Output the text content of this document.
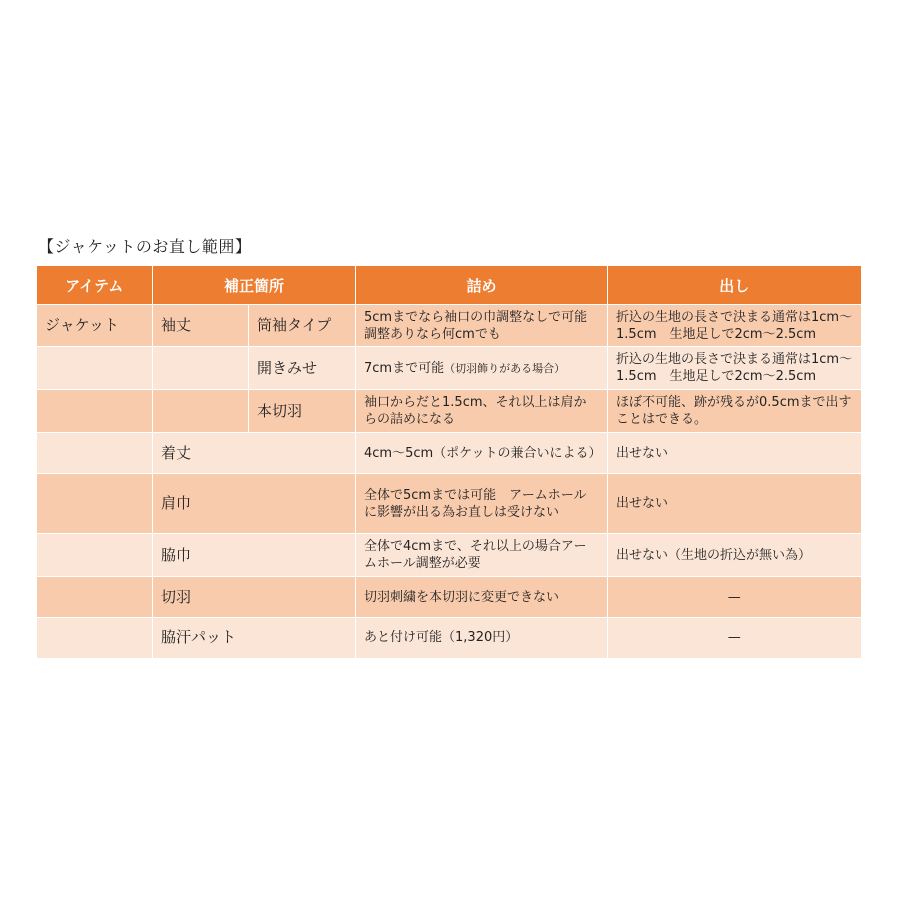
【ジャケットのお直し範囲】
アイテム	補正箇所		詰め	出し
ジャケット	袖丈	筒袖タイプ	5cmまでなら袖口の巾調整なしで可能　調整ありなら何cmでも	折込の生地の長さで決まる通常は1cm〜1.5cm　生地足しで2cm〜2.5cm
		開きみせ	7cmまで可能（切羽飾りがある場合）	折込の生地の長さで決まる通常は1cm〜1.5cm　生地足しで2cm〜2.5cm
		本切羽	袖口からだと1.5cm、それ以上は肩からの詰めになる	ほぼ不可能、跡が残るが0.5cmまで出すことはできる。
	着丈		4cm〜5cm（ポケットの兼合いによる）	出せない
	肩巾		全体で5cmまでは可能　アームホールに影響が出る為お直しは受けない	出せない
	脇巾		全体で4cmまで、それ以上の場合アームホール調整が必要	出せない（生地の折込が無い為）
	切羽		切羽刺繍を本切羽に変更できない	—
	脇汗パット		あと付け可能（1,320円）	—
